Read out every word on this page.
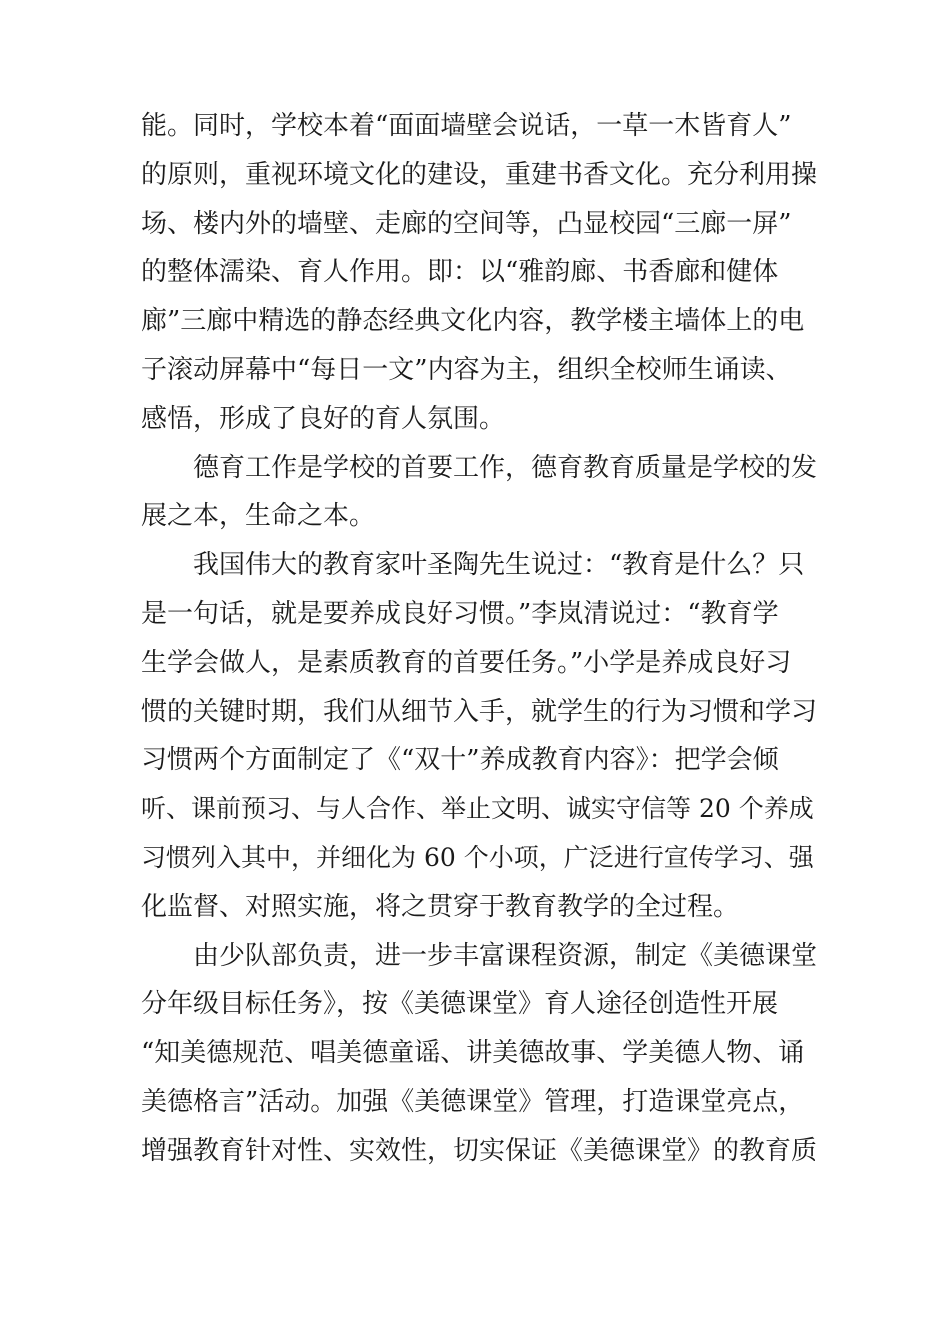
能。同时，学校本着“面面墙壁会说话，一草一木皆育人”
的原则，重视环境文化的建设，重建书香文化。充分利用操
场、楼内外的墙壁、走廊的空间等，凸显校园“三廊一屏”
的整体濡染、育人作用。即：以“雅韵廊、书香廊和健体
廊”三廊中精选的静态经典文化内容，教学楼主墙体上的电
子滚动屏幕中“每日一文”内容为主，组织全校师生诵读、
感悟，形成了良好的育人氛围。
德育工作是学校的首要工作，德育教育质量是学校的发
展之本，生命之本。
我国伟大的教育家叶圣陶先生说过：“教育是什么？只
是一句话，就是要养成良好习惯。”李岚清说过：“教育学
生学会做人，是素质教育的首要任务。”小学是养成良好习
惯的关键时期，我们从细节入手，就学生的行为习惯和学习
习惯两个方面制定了《“双十”养成教育内容》：把学会倾
听、课前预习、与人合作、举止文明、诚实守信等 20 个养成
习惯列入其中，并细化为 60 个小项，广泛进行宣传学习、强
化监督、对照实施，将之贯穿于教育教学的全过程。
由少队部负责，进一步丰富课程资源，制定《美德课堂
分年级目标任务》，按《美德课堂》育人途径创造性开展
“知美德规范、唱美德童谣、讲美德故事、学美德人物、诵
美德格言”活动。加强《美德课堂》管理，打造课堂亮点，
增强教育针对性、实效性，切实保证《美德课堂》的教育质
